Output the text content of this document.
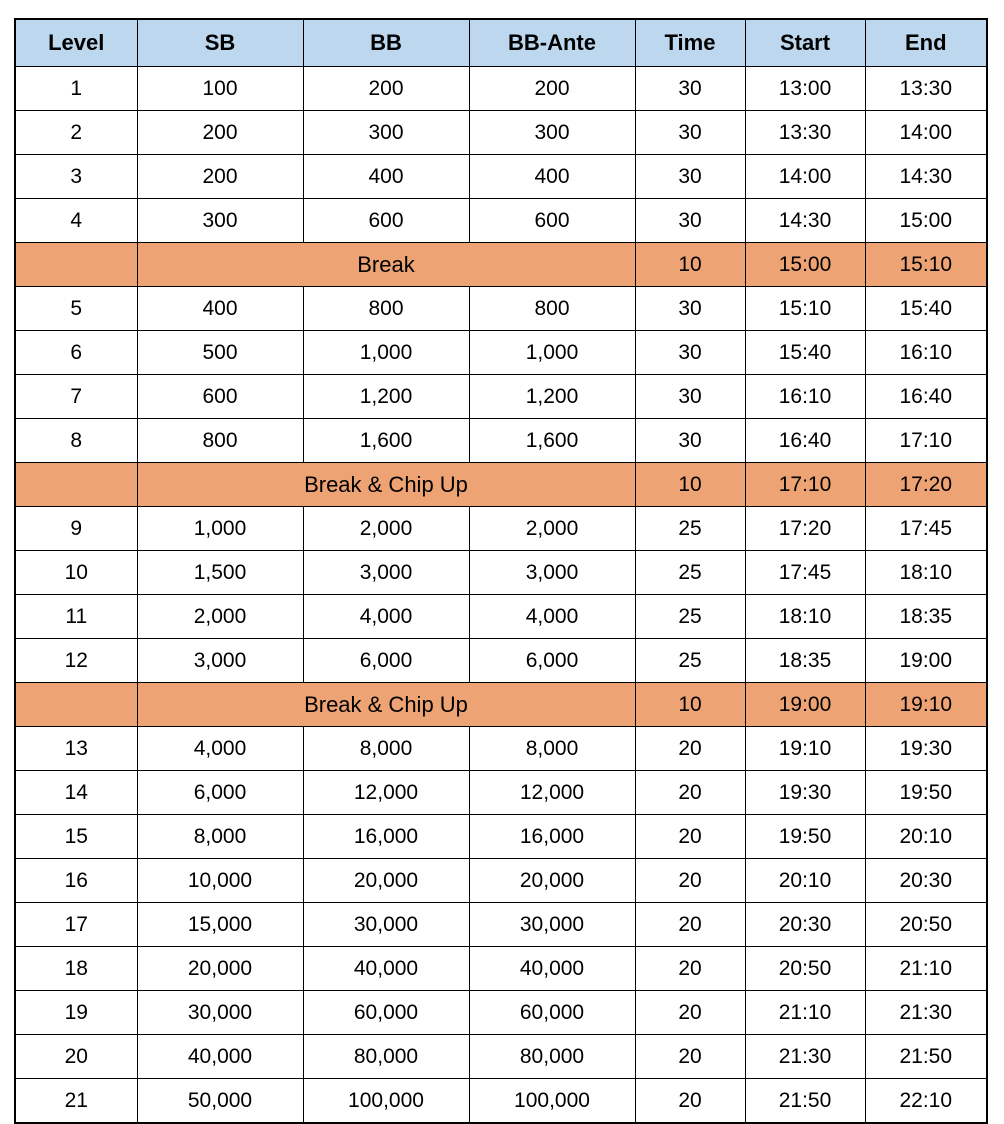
Level	SB	BB	BB-Ante	Time	Start	End
1	100	200	200	30	13:00	13:30
2	200	300	300	30	13:30	14:00
3	200	400	400	30	14:00	14:30
4	300	600	600	30	14:30	15:00
	Break			10	15:00	15:10
5	400	800	800	30	15:10	15:40
6	500	1,000	1,000	30	15:40	16:10
7	600	1,200	1,200	30	16:10	16:40
8	800	1,600	1,600	30	16:40	17:10
	Break & Chip Up			10	17:10	17:20
9	1,000	2,000	2,000	25	17:20	17:45
10	1,500	3,000	3,000	25	17:45	18:10
11	2,000	4,000	4,000	25	18:10	18:35
12	3,000	6,000	6,000	25	18:35	19:00
	Break & Chip Up			10	19:00	19:10
13	4,000	8,000	8,000	20	19:10	19:30
14	6,000	12,000	12,000	20	19:30	19:50
15	8,000	16,000	16,000	20	19:50	20:10
16	10,000	20,000	20,000	20	20:10	20:30
17	15,000	30,000	30,000	20	20:30	20:50
18	20,000	40,000	40,000	20	20:50	21:10
19	30,000	60,000	60,000	20	21:10	21:30
20	40,000	80,000	80,000	20	21:30	21:50
21	50,000	100,000	100,000	20	21:50	22:10
